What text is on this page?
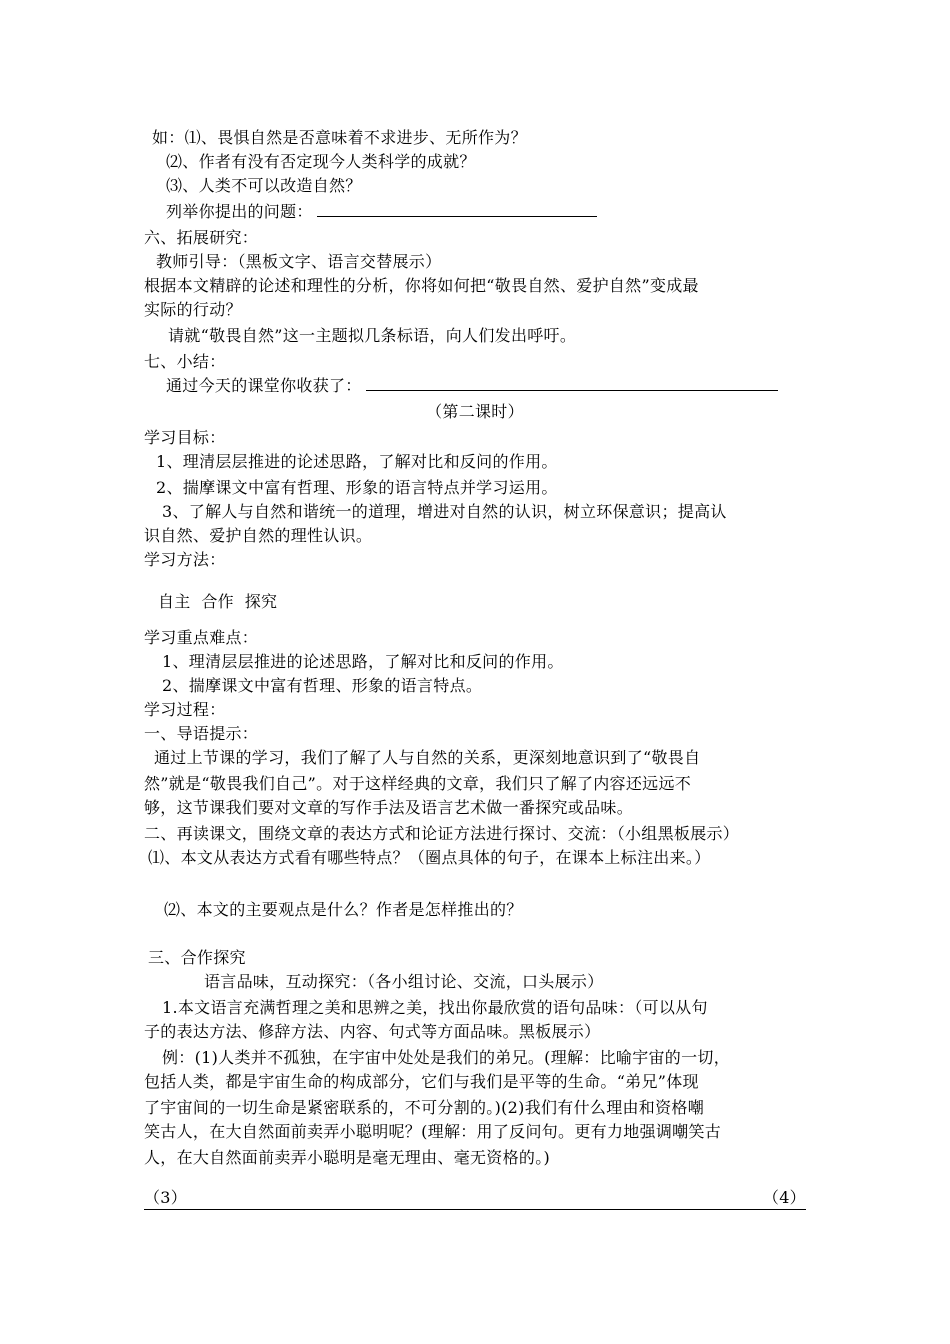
如：⑴、畏惧自然是否意味着不求进步、无所作为？
⑵、作者有没有否定现今人类科学的成就？
⑶、人类不可以改造自然？
列举你提出的问题：
六、拓展研究：
教师引导：（黑板文字、语言交替展示）
根据本文精辟的论述和理性的分析，你将如何把“敬畏自然、爱护自然”变成最
实际的行动？
请就“敬畏自然”这一主题拟几条标语，向人们发出呼吁。
七、小结：
通过今天的课堂你收获了：
（第二课时）
学习目标：
1、理清层层推进的论述思路，了解对比和反问的作用。
2、揣摩课文中富有哲理、形象的语言特点并学习运用。
3、了解人与自然和谐统一的道理，增进对自然的认识，树立环保意识；提高认
识自然、爱护自然的理性认识。
学习方法：
自主  合作  探究
学习重点难点：
1、理清层层推进的论述思路，了解对比和反问的作用。
2、揣摩课文中富有哲理、形象的语言特点。
学习过程：
一、导语提示：
通过上节课的学习，我们了解了人与自然的关系，更深刻地意识到了“敬畏自
然”就是“敬畏我们自己”。对于这样经典的文章，我们只了解了内容还远远不
够，这节课我们要对文章的写作手法及语言艺术做一番探究或品味。
二、再读课文，围绕文章的表达方式和论证方法进行探讨、交流：（小组黑板展示）
⑴、本文从表达方式看有哪些特点？（圈点具体的句子，在课本上标注出来。）
⑵、本文的主要观点是什么？作者是怎样推出的？
三、合作探究
语言品味，互动探究：（各小组讨论、交流，口头展示）
1.本文语言充满哲理之美和思辨之美，找出你最欣赏的语句品味：（可以从句
子的表达方法、修辞方法、内容、句式等方面品味。黑板展示）
例：(1)人类并不孤独，在宇宙中处处是我们的弟兄。(理解：比喻宇宙的一切，
包括人类，都是宇宙生命的构成部分，它们与我们是平等的生命。“弟兄”体现
了宇宙间的一切生命是紧密联系的，不可分割的。)(2)我们有什么理由和资格嘲
笑古人，在大自然面前卖弄小聪明呢？(理解：用了反问句。更有力地强调嘲笑古
人，在大自然面前卖弄小聪明是毫无理由、毫无资格的。)
（3）	（4）
